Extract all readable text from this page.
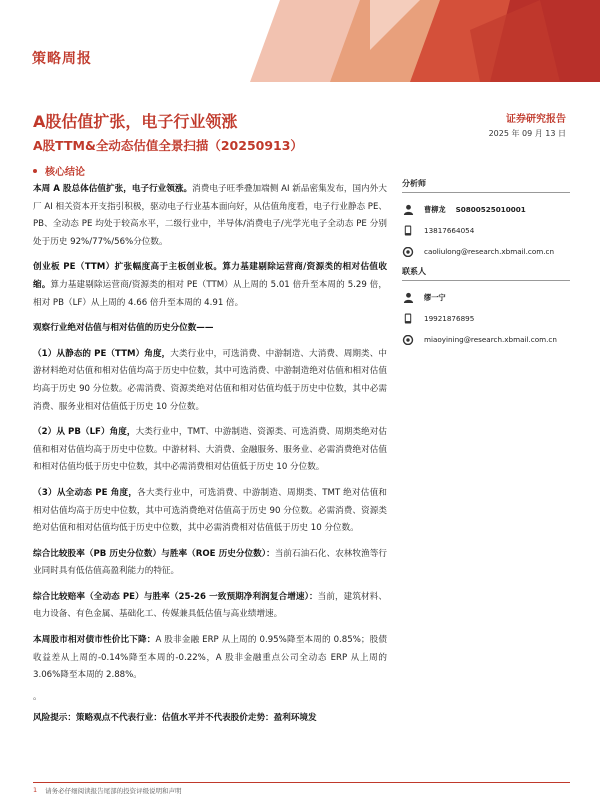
策略周报
A股估值扩张，电子行业领涨
A股TTM&全动态估值全景扫描（20250913）
证券研究报告
2025 年 09 月 13 日
核心结论

本周 A 股总体估值扩张，电子行业领涨。消费电子旺季叠加端侧 AI 新品密集发布，国内外大厂 AI 相关资本开支指引积极，驱动电子行业基本面向好，从估值角度看，电子行业静态 PE、PB、全动态 PE 均处于较高水平，二级行业中，半导体/消费电子/光学光电子全动态 PE 分别处于历史 92%/77%/56%分位数。

创业板 PE（TTM）扩张幅度高于主板创业板。算力基建剔除运营商/资源类的相对估值收缩。算力基建剔除运营商/资源类的相对 PE（TTM）从上周的 5.01 倍升至本周的 5.29 倍，相对 PB（LF）从上周的 4.66 倍升至本周的 4.91 倍。

观察行业绝对估值与相对估值的历史分位数——

（1）从静态的 PE（TTM）角度，大类行业中，可选消费、中游制造、大消费、周期类、中游材料绝对估值和相对估值均高于历史中位数，其中可选消费、中游制造绝对估值和相对估值均高于历史 90 分位数。必需消费、资源类绝对估值和相对估值均低于历史中位数，其中必需消费、服务业相对估值低于历史 10 分位数。

（2）从 PB（LF）角度，大类行业中，TMT、中游制造、资源类、可选消费、周期类绝对估值和相对估值均高于历史中位数。中游材料、大消费、金融服务、服务业、必需消费绝对估值和相对估值均低于历史中位数，其中必需消费相对估值低于历史 10 分位数。

（3）从全动态 PE 角度，各大类行业中，可选消费、中游制造、周期类、TMT 绝对估值和相对估值均高于历史中位数，其中可选消费绝对估值高于历史 90 分位数。必需消费、资源类绝对估值和相对估值均低于历史中位数，其中必需消费相对估值低于历史 10 分位数。

综合比较股率（PB 历史分位数）与胜率（ROE 历史分位数）：当前石油石化、农林牧渔等行业同时具有低估值高盈利能力的特征。

综合比较赔率（全动态 PE）与胜率（25-26 一致预期净利润复合增速）：当前，建筑材料、电力设备、有色金属、基础化工、传媒兼具低估值与高业绩增速。

本周股市相对债市性价比下降：A 股非金融 ERP 从上周的 0.95%降至本周的 0.85%；股债收益差从上周的-0.14%降至本周的-0.22%，A 股非金融重点公司全动态 ERP 从上周的 3.06%降至本周的 2.88%。

。

风险提示：策略观点不代表行业：估值水平并不代表股价走势：盈利环境发

分析师
曹柳龙 S0800525010001
13817664054
caoliulong@research.xbmail.com.cn
联系人
缪一宁
19921876895
miaoyining@research.xbmail.com.cn
1 请务必仔细阅读报告尾部的投资评级说明和声明
